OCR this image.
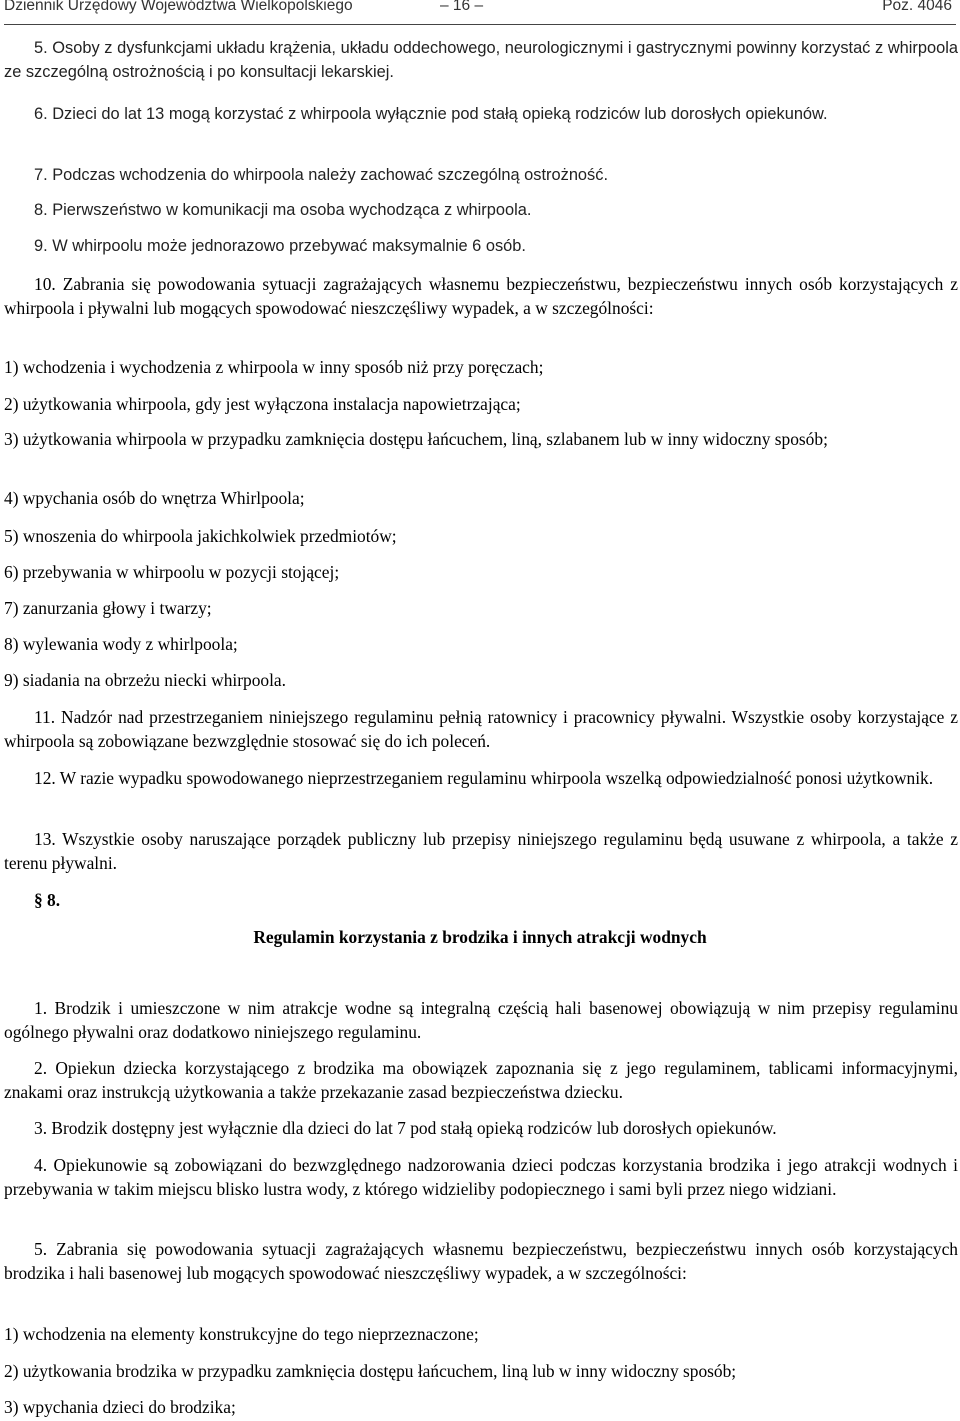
Dziennik Urzędowy Województwa Wielkopolskiego	– 16 –	Poz. 4046

5. Osoby z dysfunkcjami układu krążenia, układu oddechowego, neurologicznymi i gastrycznymi powinny korzystać z whirpoola ze szczególną ostrożnością i po konsultacji lekarskiej.

6. Dzieci do lat 13 mogą korzystać z whirpoola wyłącznie pod stałą opieką rodziców lub dorosłych opiekunów.

7. Podczas wchodzenia do whirpoola należy zachować szczególną ostrożność.

8. Pierwszeństwo w komunikacji ma osoba wychodząca z whirpoola.

9. W whirpoolu może jednorazowo przebywać maksymalnie 6 osób.

10. Zabrania się powodowania sytuacji zagrażających własnemu bezpieczeństwu, bezpieczeństwu innych osób korzystających z whirpoola i pływalni lub mogących spowodować nieszczęśliwy wypadek, a w szczególności:

1) wchodzenia i wychodzenia z whirpoola w inny sposób niż przy poręczach;

2) użytkowania whirpoola, gdy jest wyłączona instalacja napowietrzająca;

3) użytkowania whirpoola w przypadku zamknięcia dostępu łańcuchem, liną, szlabanem lub w inny widoczny sposób;

4) wpychania osób do wnętrza Whirlpoola;

5) wnoszenia do whirpoola jakichkolwiek przedmiotów;

6) przebywania w whirpoolu w pozycji stojącej;

7) zanurzania głowy i twarzy;

8) wylewania wody z whirlpoola;

9) siadania na obrzeżu niecki whirpoola.

11. Nadzór nad przestrzeganiem niniejszego regulaminu pełnią ratownicy i pracownicy pływalni. Wszystkie osoby korzystające z whirpoola są zobowiązane bezwzględnie stosować się do ich poleceń.

12. W razie wypadku spowodowanego nieprzestrzeganiem regulaminu whirpoola wszelką odpowiedzialność ponosi użytkownik.

13. Wszystkie osoby naruszające porządek publiczny lub przepisy niniejszego regulaminu będą usuwane z whirpoola, a także z terenu pływalni.

§ 8.
Regulamin korzystania z brodzika i innych atrakcji wodnych

1. Brodzik i umieszczone w nim atrakcje wodne są integralną częścią hali basenowej obowiązują w nim przepisy regulaminu ogólnego pływalni oraz dodatkowo niniejszego regulaminu.

2. Opiekun dziecka korzystającego z brodzika ma obowiązek zapoznania się z jego regulaminem, tablicami informacyjnymi, znakami oraz instrukcją użytkowania a także przekazanie zasad bezpieczeństwa dziecku.

3. Brodzik dostępny jest wyłącznie dla dzieci do lat 7 pod stałą opieką rodziców lub dorosłych opiekunów.

4. Opiekunowie są zobowiązani do bezwzględnego nadzorowania dzieci podczas korzystania brodzika i jego atrakcji wodnych i przebywania w takim miejscu blisko lustra wody, z którego widzieliby podopiecznego i sami byli przez niego widziani.

5. Zabrania się powodowania sytuacji zagrażających własnemu bezpieczeństwu, bezpieczeństwu innych osób korzystających brodzika i hali basenowej lub mogących spowodować nieszczęśliwy wypadek, a w szczególności:

1) wchodzenia na elementy konstrukcyjne do tego nieprzeznaczone;

2) użytkowania brodzika w przypadku zamknięcia dostępu łańcuchem, liną lub w inny widoczny sposób;

3) wpychania dzieci do brodzika;
